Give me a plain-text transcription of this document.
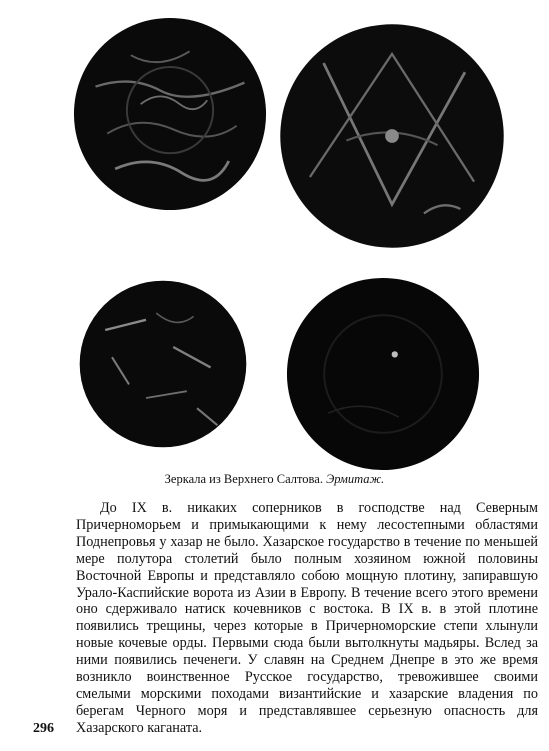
Зеркала из Верхнего Салтова. Эрмитаж.
До IX в. никаких соперников в господстве над Северным Причерноморьем и примыкающими к нему лесостепными областями Поднепровья у хазар не было. Хазарское государство в течение по меньшей мере полутора столетий было полным хозяином южной половины Восточной Европы и представляло собою мощную плотину, запиравшую Урало-Каспийские ворота из Азии в Европу. В течение всего этого времени оно сдерживало натиск кочевников с востока. В IX в. в этой плотине появились трещины, через которые в Причерноморские степи хлынули новые кочевые орды. Первыми сюда были вытолкнуты мадьяры. Вслед за ними появились печенеги. У славян на Среднем Днепре в это же время возникло воинственное Русское государство, тревожившее своими смелыми морскими походами византийские и хазарские владения по берегам Черного моря и представлявшее серьезную опасность для Хазарского каганата.
296
